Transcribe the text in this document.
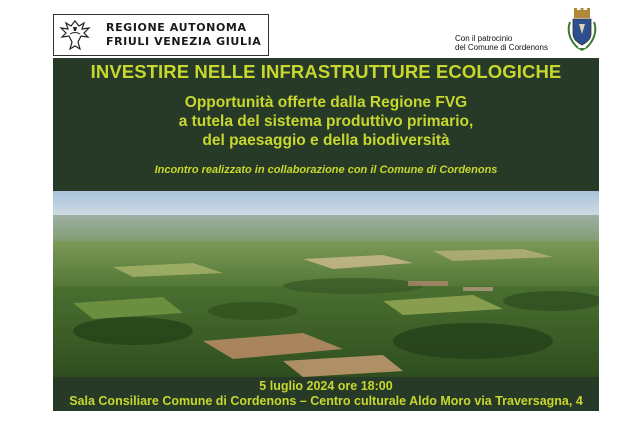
REGIONE AUTONOMA
FRIULI VENEZIA GIULIA	Con il patrocinio
del Comune di Cordenons
INVESTIRE NELLE INFRASTRUTTURE ECOLOGICHE
Opportunità offerte dalla Regione FVG
a tutela del sistema produttivo primario,
del paesaggio e della biodiversità
Incontro realizzato in collaborazione con il Comune di Cordenons
5 luglio 2024 ore 18:00
Sala Consiliare Comune di Cordenons – Centro culturale Aldo Moro via Traversagna, 4
